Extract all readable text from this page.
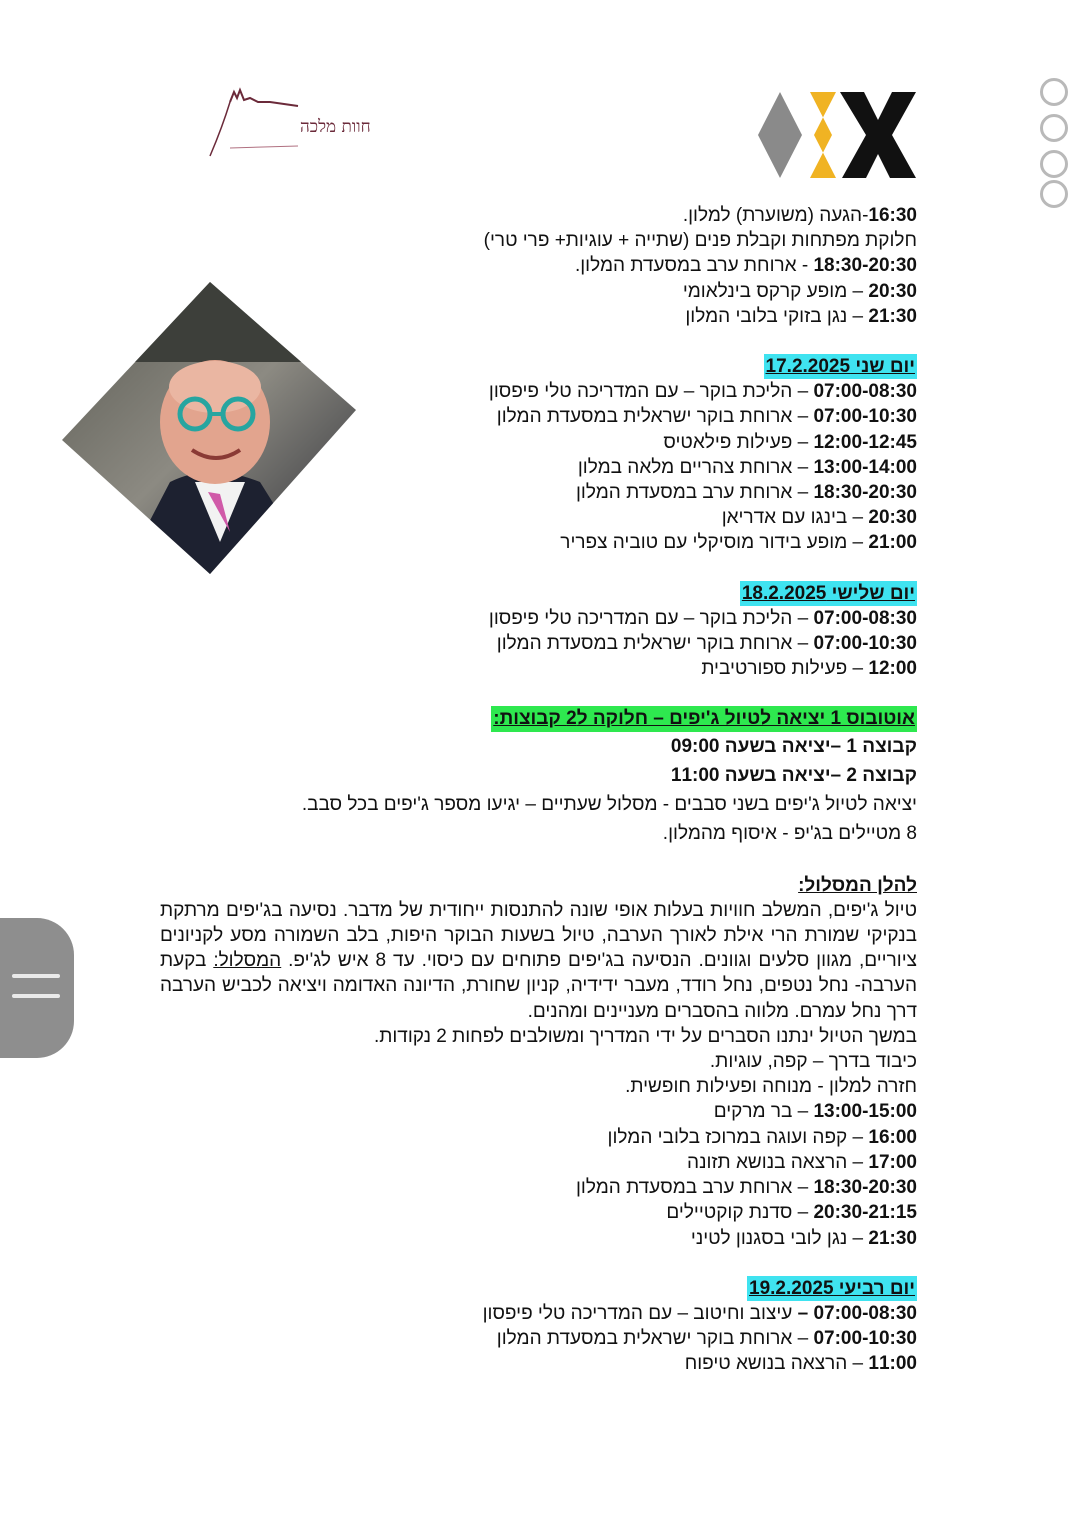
חוות מלכה
16:30-הגעה (משוערת) למלון.
חלוקת מפתחות וקבלת פנים (שתייה + עוגיות+ פרי טרי)
18:30-20:30 - ארוחת ערב במסעדת המלון.
20:30 – מופע קרקס בינלאומי
21:30 – נגן בזוקי בלובי המלון
יום שני 17.2.2025
07:00-08:30 – הליכת בוקר – עם המדריכה טלי פיפסון
07:00-10:30 – ארוחת בוקר ישראלית במסעדת המלון
12:00-12:45 – פעילות פילאטיס
13:00-14:00 – ארוחת צהריים מלאה במלון
18:30-20:30 – ארוחת ערב במסעדת המלון
20:30 – בינגו עם אדריאן
21:00 – מופע בידור מוסיקלי עם טוביה צפריר
יום שלישי 18.2.2025
07:00-08:30 – הליכת בוקר – עם המדריכה טלי פיפסון
07:00-10:30 – ארוחת בוקר ישראלית במסעדת המלון
12:00 – פעילות ספורטיבית
אוטובוס 1 יציאה לטיול ג'יפים – חלוקה ל2 קבוצות:
קבוצה 1 –יציאה בשעה 09:00
קבוצה 2 –יציאה בשעה 11:00
יציאה לטיול ג'יפים בשני סבבים - מסלול שעתיים – יגיעו מספר ג'יפים בכל סבב.
8 מטיילים בג'יפ - איסוף מהמלון.
להלן המסלול:
טיול ג'יפים, המשלב חוויות בעלות אופי שונה להתנסות ייחודית של מדבר. נסיעה בג'יפים מרתקת בנקיקי שמורת הרי אילת לאורך הערבה, טיול בשעות הבוקר היפות, בלב השמורה מסע לקניונים ציוריים, מגוון סלעים וגוונים. הנסיעה בג'יפים פתוחים עם כיסוי. עד 8 איש לג'יפ. המסלול: בקעת הערבה- נחל נטפים, נחל רודד, מעבר ידידיה, קניון שחורת, הדיונה האדומה ויציאה לכביש הערבה דרך נחל עמרם. מלווה בהסברים מעניינים ומהנים.
במשך הטיול ינתנו הסברים על ידי המדריך ומשולבים לפחות 2 נקודות.
כיבוד בדרך – קפה, עוגיות.
חזרה למלון - מנוחה ופעילות חופשית.
13:00-15:00 – בר מרקים
16:00 – קפה ועוגה במרוכז בלובי המלון
17:00 – הרצאה בנושא תזונה
18:30-20:30 – ארוחת ערב במסעדת המלון
20:30-21:15 – סדנת קוקטיילים
21:30 – נגן לובי בסגנון לטיני
יום רביעי 19.2.2025
07:00-08:30 – עיצוב וחיטוב – עם המדריכה טלי פיפסון
07:00-10:30 – ארוחת בוקר ישראלית במסעדת המלון
11:00 – הרצאה בנושא טיפוח
